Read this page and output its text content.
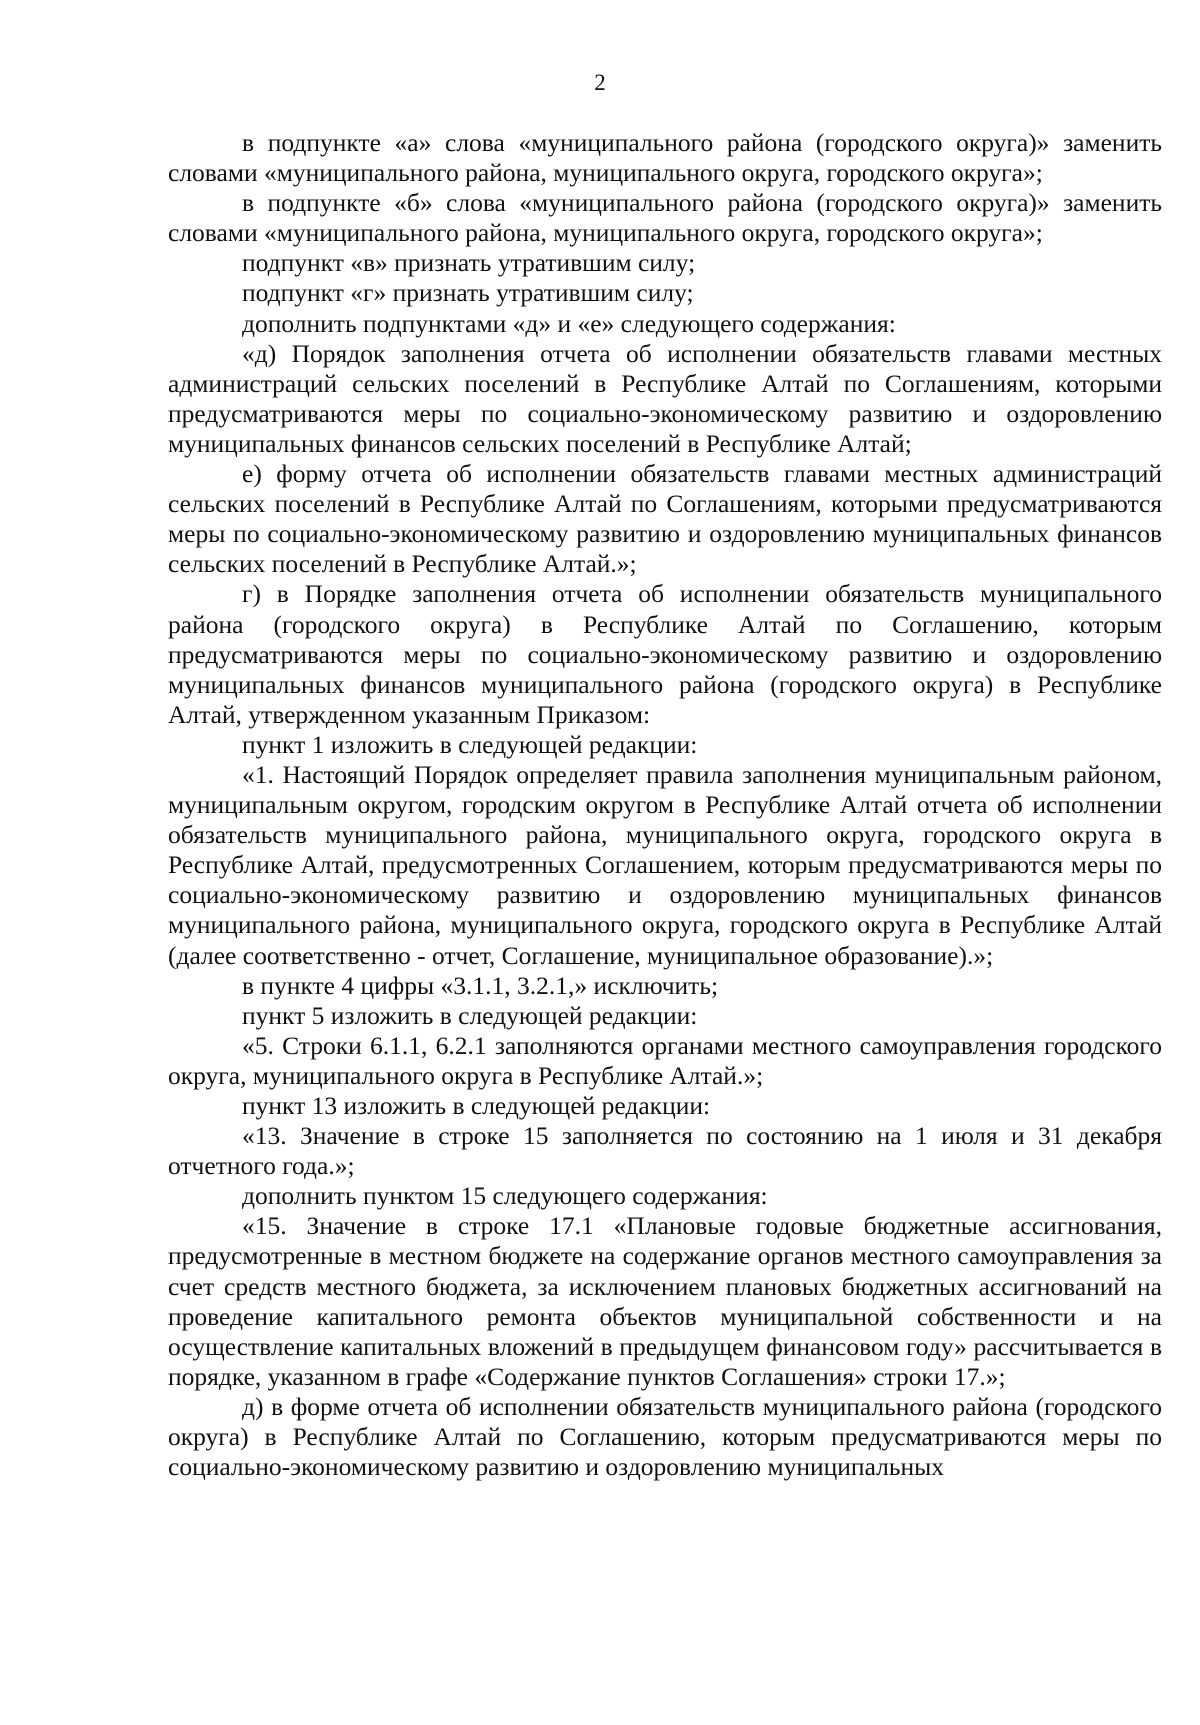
2

в подпункте «а» слова «муниципального района (городского округа)» заменить словами «муниципального района, муниципального округа, городского округа»;

в подпункте «б» слова «муниципального района (городского округа)» заменить словами «муниципального района, муниципального округа, городского округа»;

подпункт «в» признать утратившим силу;

подпункт «г» признать утратившим силу;

дополнить подпунктами «д» и «е» следующего содержания:

«д) Порядок заполнения отчета об исполнении обязательств главами местных администраций сельских поселений в Республике Алтай по Соглашениям, которыми предусматриваются меры по социально-экономическому развитию и оздоровлению муниципальных финансов сельских поселений в Республике Алтай;

е) форму отчета об исполнении обязательств главами местных администраций сельских поселений в Республике Алтай по Соглашениям, которыми предусматриваются меры по социально-экономическому развитию и оздоровлению муниципальных финансов сельских поселений в Республике Алтай.»;

г) в Порядке заполнения отчета об исполнении обязательств муниципального района (городского округа) в Республике Алтай по Соглашению, которым предусматриваются меры по социально-экономическому развитию и оздоровлению муниципальных финансов муниципального района (городского округа) в Республике Алтай, утвержденном указанным Приказом:

пункт 1 изложить в следующей редакции:

«1. Настоящий Порядок определяет правила заполнения муниципальным районом, муниципальным округом, городским округом в Республике Алтай отчета об исполнении обязательств муниципального района, муниципального округа, городского округа в Республике Алтай, предусмотренных Соглашением, которым предусматриваются меры по социально-экономическому развитию и оздоровлению муниципальных финансов муниципального района, муниципального округа, городского округа в Республике Алтай (далее соответственно - отчет, Соглашение, муниципальное образование).»;

в пункте 4 цифры «3.1.1, 3.2.1,» исключить;

пункт 5 изложить в следующей редакции:

«5. Строки 6.1.1, 6.2.1 заполняются органами местного самоуправления городского округа, муниципального округа в Республике Алтай.»;

пункт 13 изложить в следующей редакции:

«13. Значение в строке 15 заполняется по состоянию на 1 июля и 31 декабря отчетного года.»;

дополнить пунктом 15 следующего содержания:

«15. Значение в строке 17.1 «Плановые годовые бюджетные ассигнования, предусмотренные в местном бюджете на содержание органов местного самоуправления за счет средств местного бюджета, за исключением плановых бюджетных ассигнований на проведение капитального ремонта объектов муниципальной собственности и на осуществление капитальных вложений в предыдущем финансовом году» рассчитывается в порядке, указанном в графе «Содержание пунктов Соглашения» строки 17.»;

д) в форме отчета об исполнении обязательств муниципального района (городского округа) в Республике Алтай по Соглашению, которым предусматриваются меры по социально-экономическому развитию и оздоровлению муниципальных
